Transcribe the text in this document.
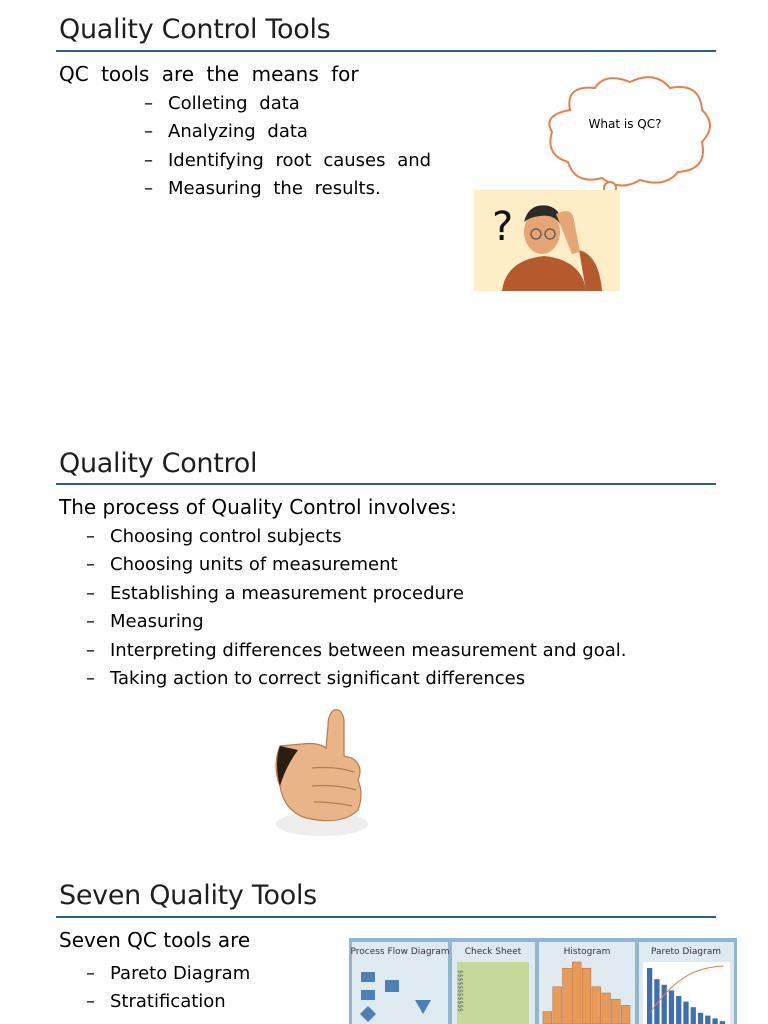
Quality Control Tools
QC tools are the means for
– Colleting data
– Analyzing data
– Identifying root causes and
– Measuring the results.
What is QC?
?
Quality Control
The process of Quality Control involves:
– Choosing control subjects
– Choosing units of measurement
– Establishing a measurement procedure
– Measuring
– Interpreting differences between measurement and goal.
– Taking action to correct significant differences
Seven Quality Tools
Seven QC tools are
– Pareto Diagram
– Stratification
Process Flow Diagram Check Sheet
$$$$$$$$$$$
Histogram	Pareto Diagram
